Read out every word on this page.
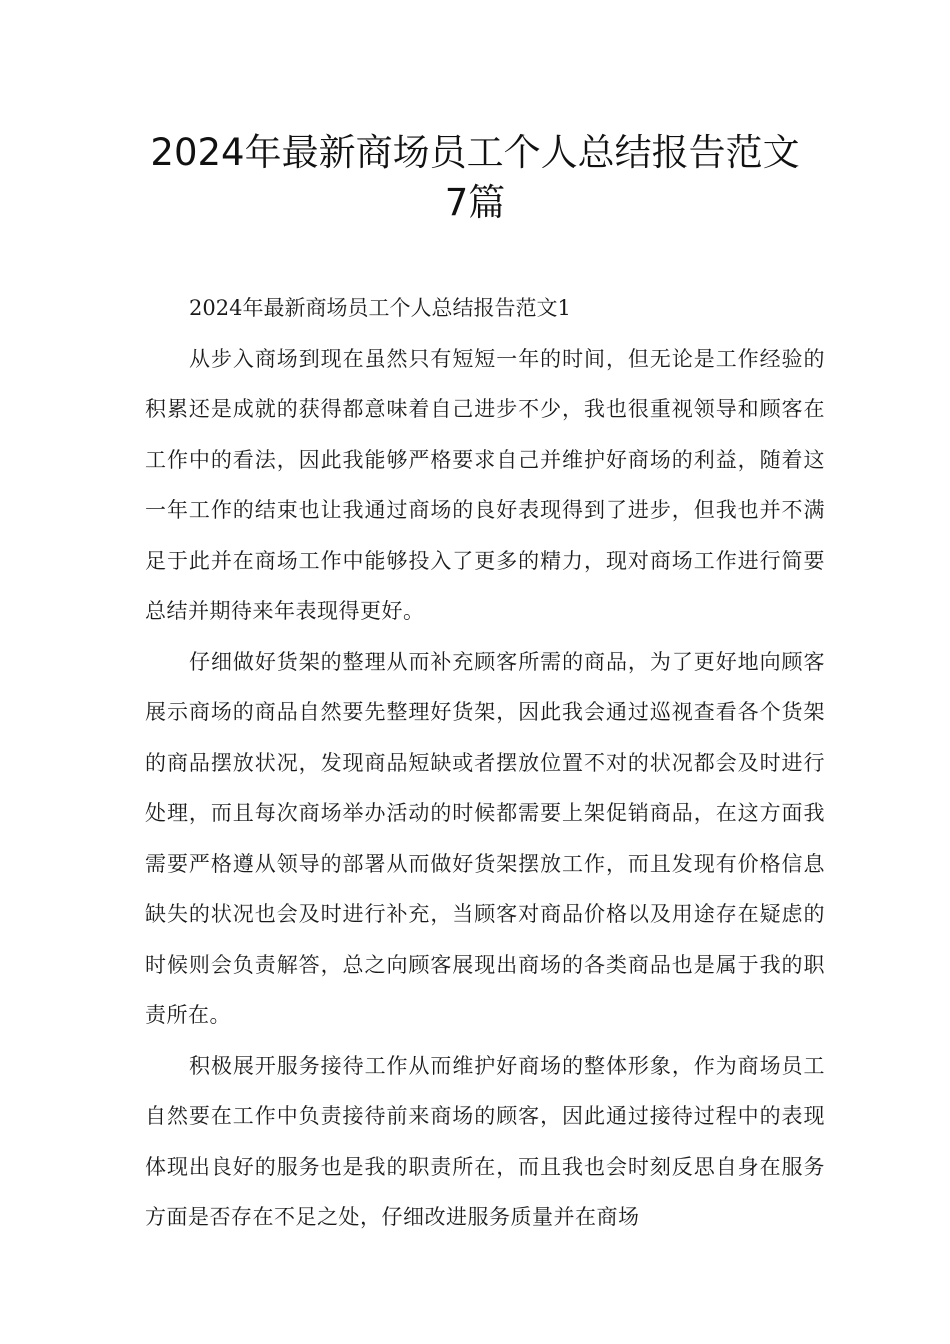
2024年最新商场员工个人总结报告范文
7篇

2024年最新商场员工个人总结报告范文1

从步入商场到现在虽然只有短短一年的时间，但无论是工作经验的积累还是成就的获得都意味着自己进步不少，我也很重视领导和顾客在工作中的看法，因此我能够严格要求自己并维护好商场的利益，随着这一年工作的结束也让我通过商场的良好表现得到了进步，但我也并不满足于此并在商场工作中能够投入了更多的精力，现对商场工作进行简要总结并期待来年表现得更好。

仔细做好货架的整理从而补充顾客所需的商品，为了更好地向顾客展示商场的商品自然要先整理好货架，因此我会通过巡视查看各个货架的商品摆放状况，发现商品短缺或者摆放位置不对的状况都会及时进行处理，而且每次商场举办活动的时候都需要上架促销商品，在这方面我需要严格遵从领导的部署从而做好货架摆放工作，而且发现有价格信息缺失的状况也会及时进行补充，当顾客对商品价格以及用途存在疑虑的时候则会负责解答，总之向顾客展现出商场的各类商品也是属于我的职责所在。

积极展开服务接待工作从而维护好商场的整体形象，作为商场员工自然要在工作中负责接待前来商场的顾客，因此通过接待过程中的表现体现出良好的服务也是我的职责所在，而且我也会时刻反思自身在服务方面是否存在不足之处，仔细改进服务质量并在商场
